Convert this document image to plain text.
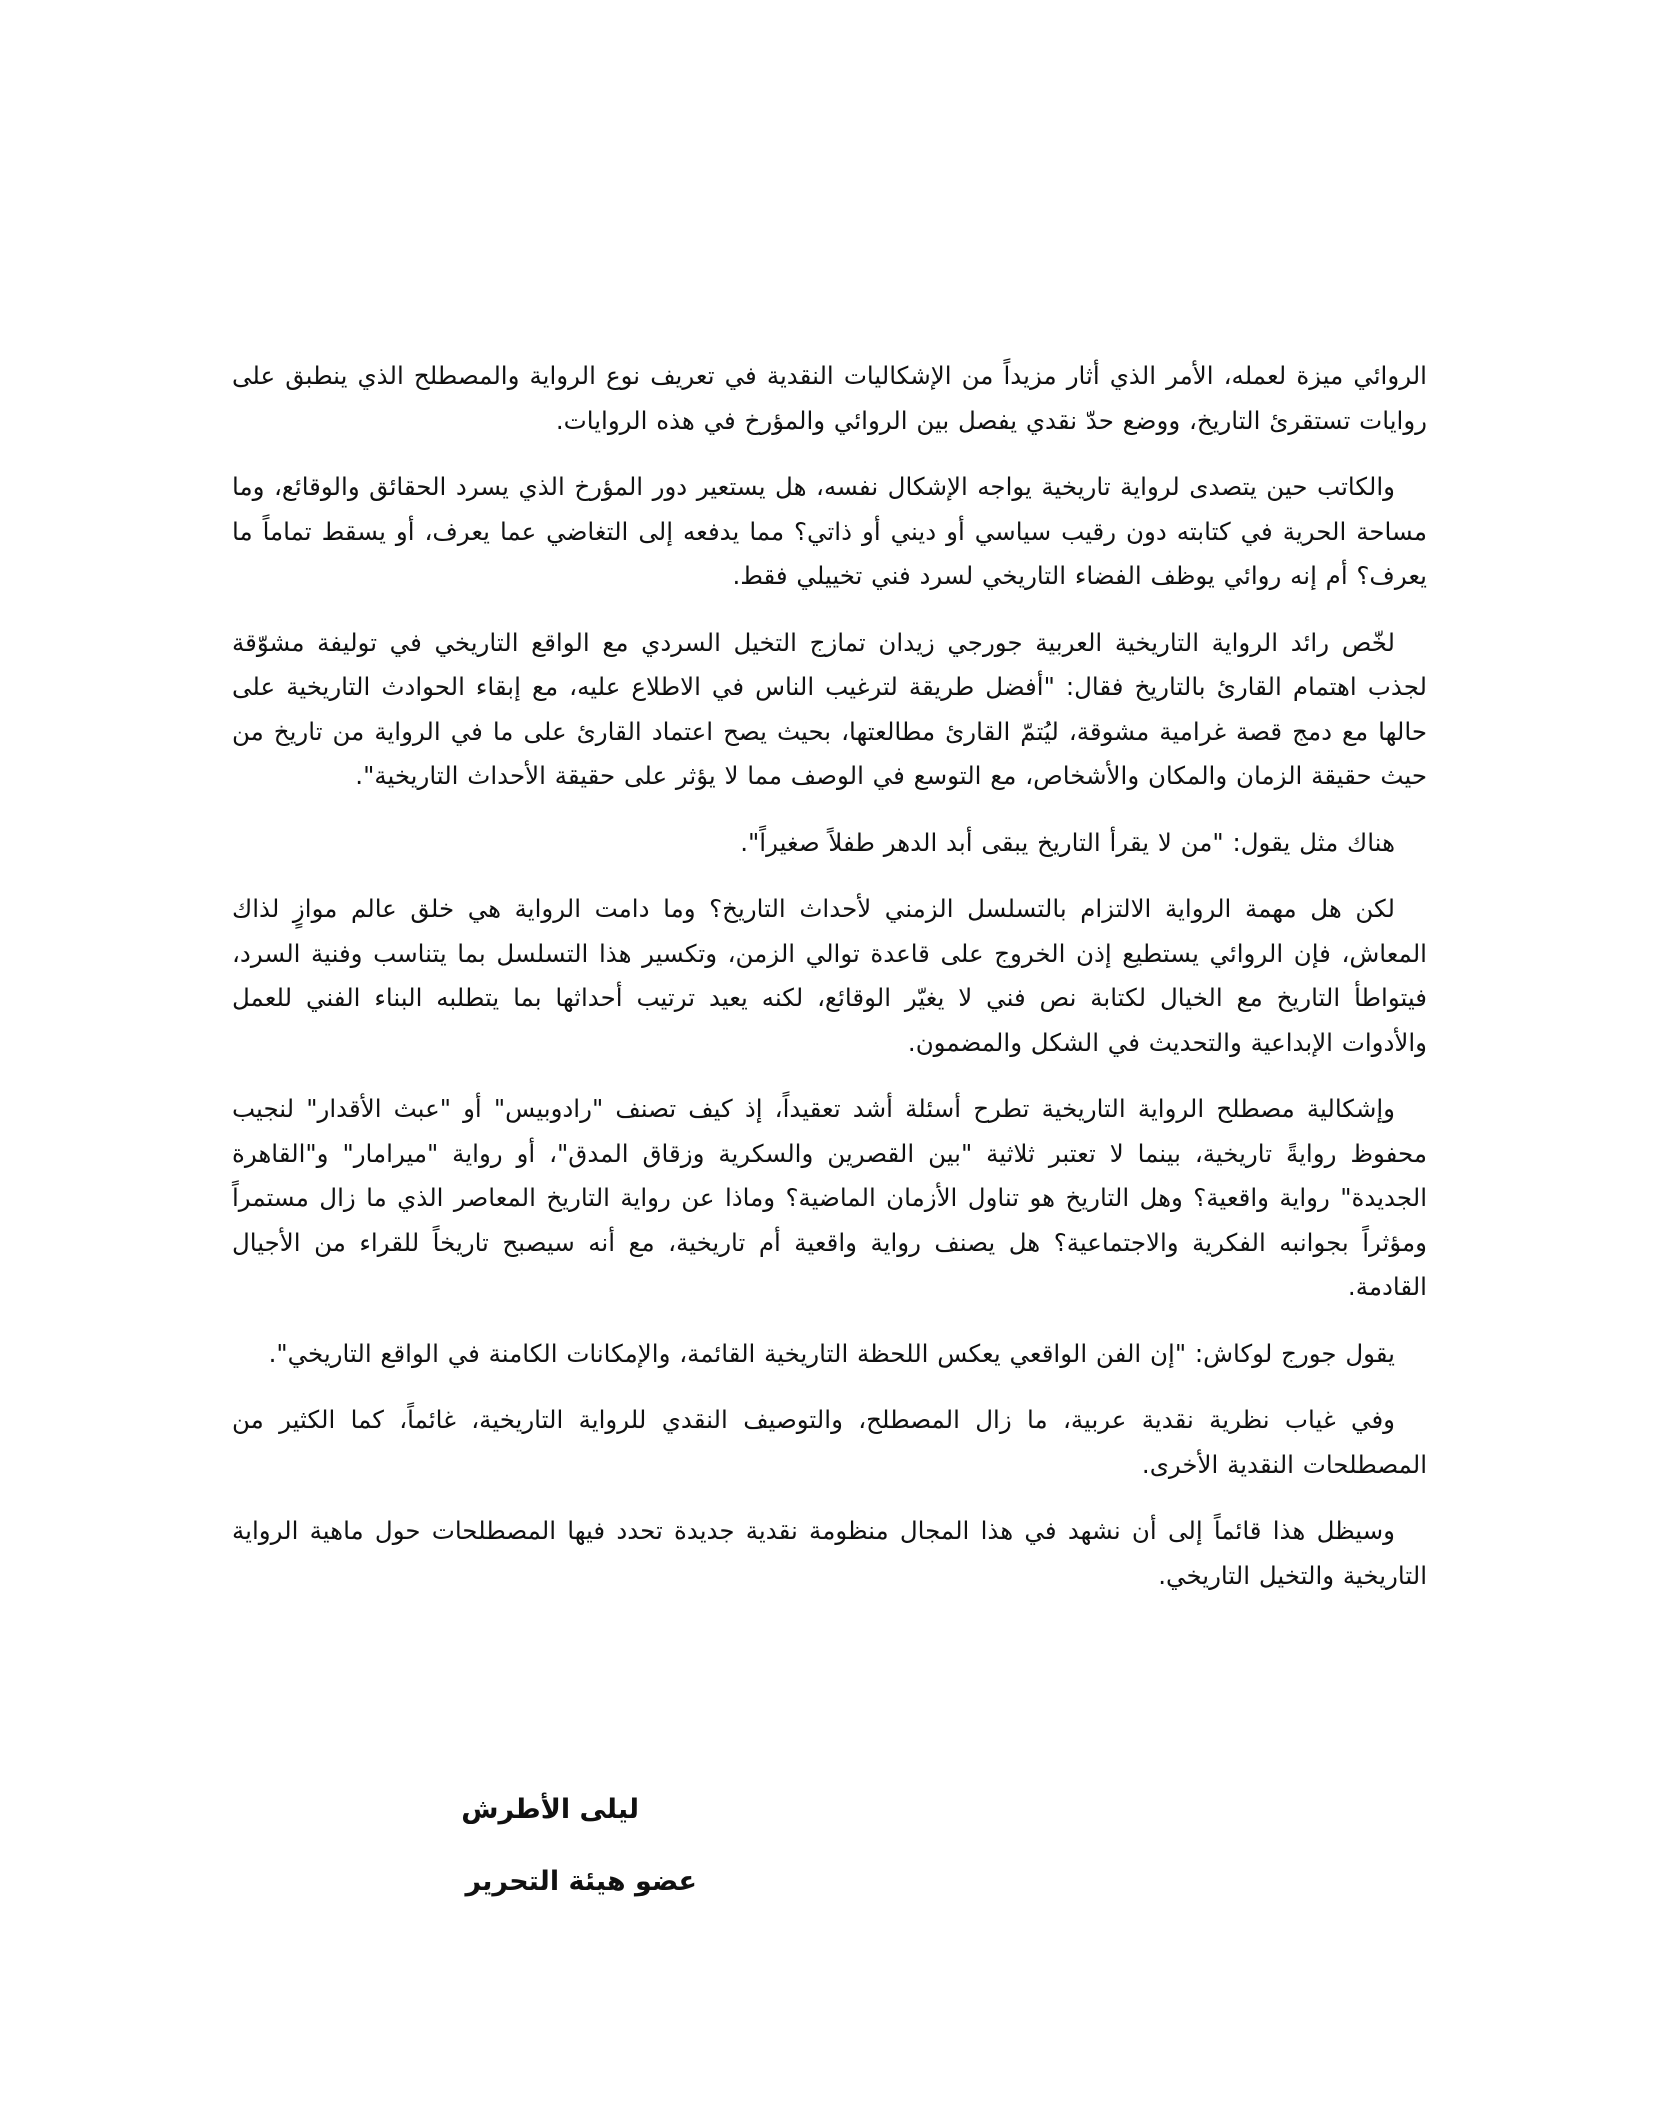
الروائي ميزة لعمله، الأمر الذي أثار مزيداً من الإشكاليات النقدية في تعريف نوع الرواية والمصطلح الذي ينطبق على روايات تستقرئ التاريخ، ووضع حدّ نقدي يفصل بين الروائي والمؤرخ في هذه الروايات.

والكاتب حين يتصدى لرواية تاريخية يواجه الإشكال نفسه، هل يستعير دور المؤرخ الذي يسرد الحقائق والوقائع، وما مساحة الحرية في كتابته دون رقيب سياسي أو ديني أو ذاتي؟ مما يدفعه إلى التغاضي عما يعرف، أو يسقط تماماً ما يعرف؟ أم إنه روائي يوظف الفضاء التاريخي لسرد فني تخييلي فقط.

لخّص رائد الرواية التاريخية العربية جورجي زيدان تمازج التخيل السردي مع الواقع التاريخي في توليفة مشوّقة لجذب اهتمام القارئ بالتاريخ فقال: "أفضل طريقة لترغيب الناس في الاطلاع عليه، مع إبقاء الحوادث التاريخية على حالها مع دمج قصة غرامية مشوقة، ليُتمّ القارئ مطالعتها، بحيث يصح اعتماد القارئ على ما في الرواية من تاريخ من حيث حقيقة الزمان والمكان والأشخاص، مع التوسع في الوصف مما لا يؤثر على حقيقة الأحداث التاريخية".

هناك مثل يقول: "من لا يقرأ التاريخ يبقى أبد الدهر طفلاً صغيراً".

لكن هل مهمة الرواية الالتزام بالتسلسل الزمني لأحداث التاريخ؟ وما دامت الرواية هي خلق عالم موازٍ لذاك المعاش، فإن الروائي يستطيع إذن الخروج على قاعدة توالي الزمن، وتكسير هذا التسلسل بما يتناسب وفنية السرد، فيتواطأ التاريخ مع الخيال لكتابة نص فني لا يغيّر الوقائع، لكنه يعيد ترتيب أحداثها بما يتطلبه البناء الفني للعمل والأدوات الإبداعية والتحديث في الشكل والمضمون.

وإشكالية مصطلح الرواية التاريخية تطرح أسئلة أشد تعقيداً، إذ كيف تصنف "رادوبيس" أو "عبث الأقدار" لنجيب محفوظ روايةً تاريخية، بينما لا تعتبر ثلاثية "بين القصرين والسكرية وزقاق المدق"، أو رواية "ميرامار" و"القاهرة الجديدة" رواية واقعية؟ وهل التاريخ هو تناول الأزمان الماضية؟ وماذا عن رواية التاريخ المعاصر الذي ما زال مستمراً ومؤثراً بجوانبه الفكرية والاجتماعية؟ هل يصنف رواية واقعية أم تاريخية، مع أنه سيصبح تاريخاً للقراء من الأجيال القادمة.

يقول جورج لوكاش: "إن الفن الواقعي يعكس اللحظة التاريخية القائمة، والإمكانات الكامنة في الواقع التاريخي".

وفي غياب نظرية نقدية عربية، ما زال المصطلح، والتوصيف النقدي للرواية التاريخية، غائماً، كما الكثير من المصطلحات النقدية الأخرى.

وسيظل هذا قائماً إلى أن نشهد في هذا المجال منظومة نقدية جديدة تحدد فيها المصطلحات حول ماهية الرواية التاريخية والتخيل التاريخي.

ليلى الأطرش
عضو هيئة التحرير
